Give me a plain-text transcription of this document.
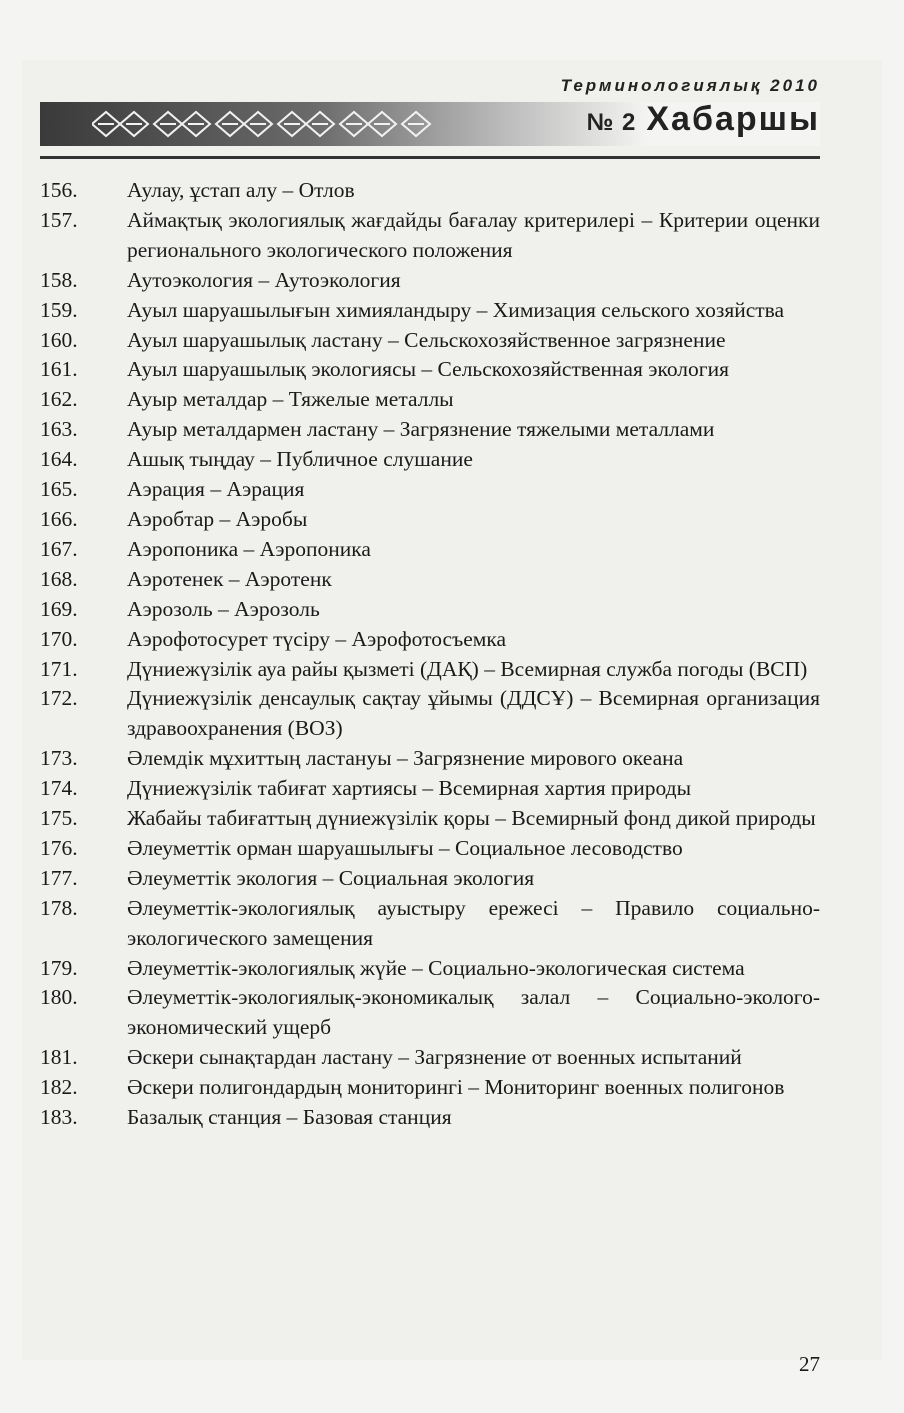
Терминологиялық 2010
№ 2 Хабаршы
156.	Аулау, ұстап алу – Отлов
157.	Аймақтық экологиялық жағдайды бағалау критерилері – Критерии оценки регионального экологического положения
158.	Аутоэкология – Аутоэкология
159.	Ауыл шаруашылығын химияландыру – Химизация сельского хозяйства
160.	Ауыл шаруашылық ластану – Сельскохозяйственное загрязнение
161.	Ауыл шаруашылық экологиясы – Сельскохозяйственная экология
162.	Ауыр металдар – Тяжелые металлы
163.	Ауыр металдармен ластану – Загрязнение тяжелыми металлами
164.	Ашық тыңдау – Публичное слушание
165.	Аэрация – Аэрация
166.	Аэробтар – Аэробы
167.	Аэропоника – Аэропоника
168.	Аэротенек – Аэротенк
169.	Аэрозоль – Аэрозоль
170.	Аэрофотосурет түсіру – Аэрофотосъемка
171.	Дүниежүзілік ауа райы қызметі (ДАҚ) – Всемирная служба погоды (ВСП)
172.	Дүниежүзілік денсаулық сақтау ұйымы (ДДСҰ) – Всемирная организация здравоохранения (ВОЗ)
173.	Әлемдік мұхиттың ластануы – Загрязнение мирового океана
174.	Дүниежүзілік табиғат хартиясы – Всемирная хартия природы
175.	Жабайы табиғаттың дүниежүзілік қоры – Всемирный фонд дикой природы
176.	Әлеуметтік орман шаруашылығы – Социальное лесоводство
177.	Әлеуметтік экология – Социальная экология
178.	Әлеуметтік-экологиялық ауыстыру ережесі – Правило социально-экологического замещения
179.	Әлеуметтік-экологиялық жүйе – Социально-экологическая система
180.	Әлеуметтік-экологиялық-экономикалық залал – Социально-эколого-экономический ущерб
181.	Әскери сынақтардан ластану – Загрязнение от военных испытаний
182.	Әскери полигондардың мониторингі – Мониторинг военных полигонов
183.	Базалық станция – Базовая станция
27
